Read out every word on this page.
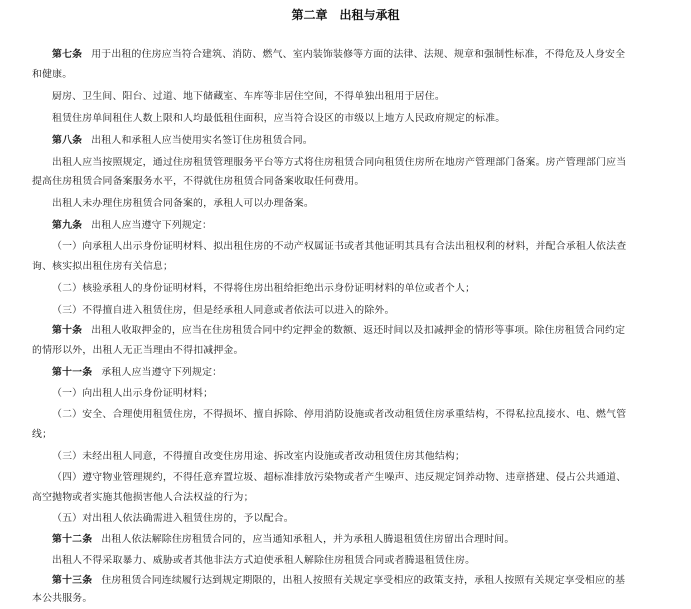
第二章　出租与承租
第七条 用于出租的住房应当符合建筑、消防、燃气、室内装饰装修等方面的法律、法规、规章和强制性标准，不得危及人身安全
和健康。
厨房、卫生间、阳台、过道、地下储藏室、车库等非居住空间，不得单独出租用于居住。
租赁住房单间租住人数上限和人均最低租住面积，应当符合设区的市级以上地方人民政府规定的标准。
第八条 出租人和承租人应当使用实名签订住房租赁合同。
出租人应当按照规定，通过住房租赁管理服务平台等方式将住房租赁合同向租赁住房所在地房产管理部门备案。房产管理部门应当
提高住房租赁合同备案服务水平，不得就住房租赁合同备案收取任何费用。
出租人未办理住房租赁合同备案的，承租人可以办理备案。
第九条 出租人应当遵守下列规定：
（一）向承租人出示身份证明材料、拟出租住房的不动产权属证书或者其他证明其具有合法出租权利的材料，并配合承租人依法查
询、核实拟出租住房有关信息；
（二）核验承租人的身份证明材料，不得将住房出租给拒绝出示身份证明材料的单位或者个人；
（三）不得擅自进入租赁住房，但是经承租人同意或者依法可以进入的除外。
第十条 出租人收取押金的，应当在住房租赁合同中约定押金的数额、返还时间以及扣减押金的情形等事项。除住房租赁合同约定
的情形以外，出租人无正当理由不得扣减押金。
第十一条 承租人应当遵守下列规定：
（一）向出租人出示身份证明材料；
（二）安全、合理使用租赁住房，不得损坏、擅自拆除、停用消防设施或者改动租赁住房承重结构，不得私拉乱接水、电、燃气管
线；
（三）未经出租人同意，不得擅自改变住房用途、拆改室内设施或者改动租赁住房其他结构；
（四）遵守物业管理规约，不得任意弃置垃圾、超标准排放污染物或者产生噪声、违反规定饲养动物、违章搭建、侵占公共通道、
高空抛物或者实施其他损害他人合法权益的行为；
（五）对出租人依法确需进入租赁住房的，予以配合。
第十二条 出租人依法解除住房租赁合同的，应当通知承租人，并为承租人腾退租赁住房留出合理时间。
出租人不得采取暴力、威胁或者其他非法方式迫使承租人解除住房租赁合同或者腾退租赁住房。
第十三条 住房租赁合同连续履行达到规定期限的，出租人按照有关规定享受相应的政策支持，承租人按照有关规定享受相应的基
本公共服务。
